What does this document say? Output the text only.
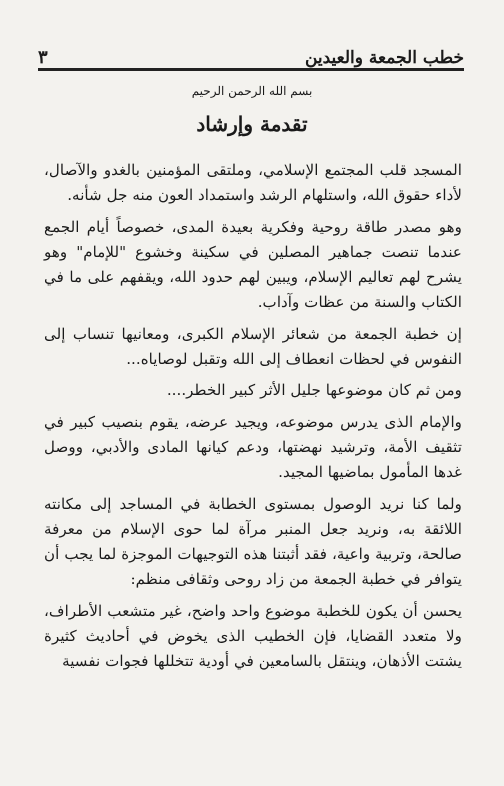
خطب الجمعة والعيدين
٣
بسم الله الرحمن الرحيم
تقدمة وإرشاد

المسجد قلب المجتمع الإسلامي، وملتقى المؤمنين بالغدو والآصال، لأداء حقوق الله، واستلهام الرشد واستمداد العون منه جل شأنه.

وهو مصدر طاقة روحية وفكرية بعيدة المدى، خصوصاً أيام الجمع عندما تنصت جماهير المصلين في سكينة وخشوع "للإمام" وهو يشرح لهم تعاليم الإسلام، ويبين لهم حدود الله، ويقفهم على ما في الكتاب والسنة من عظات وآداب.

إن خطبة الجمعة من شعائر الإسلام الكبرى، ومعانيها تنساب إلى النفوس في لحظات انعطاف إلى الله وتقبل لوصاياه...

ومن ثم كان موضوعها جليل الأثر كبير الخطر....

والإمام الذى يدرس موضوعه، ويجيد عرضه، يقوم بنصيب كبير في تثقيف الأمة، وترشيد نهضتها، ودعم كيانها المادى والأدبي، ووصل غدها المأمول بماضيها المجيد.

ولما كنا نريد الوصول بمستوى الخطابة في المساجد إلى مكانته اللائقة به، ونريد جعل المنبر مرآة لما حوى الإسلام من معرفة صالحة، وتربية واعية، فقد أثبتنا هذه التوجيهات الموجزة لما يجب أن يتوافر في خطبة الجمعة من زاد روحى وثقافى منظم:

يحسن أن يكون للخطبة موضوع واحد واضح، غير متشعب الأطراف، ولا متعدد القضايا، فإن الخطيب الذى يخوض في أحاديث كثيرة يشتت الأذهان، وينتقل بالسامعين في أودية تتخللها فجوات نفسية
